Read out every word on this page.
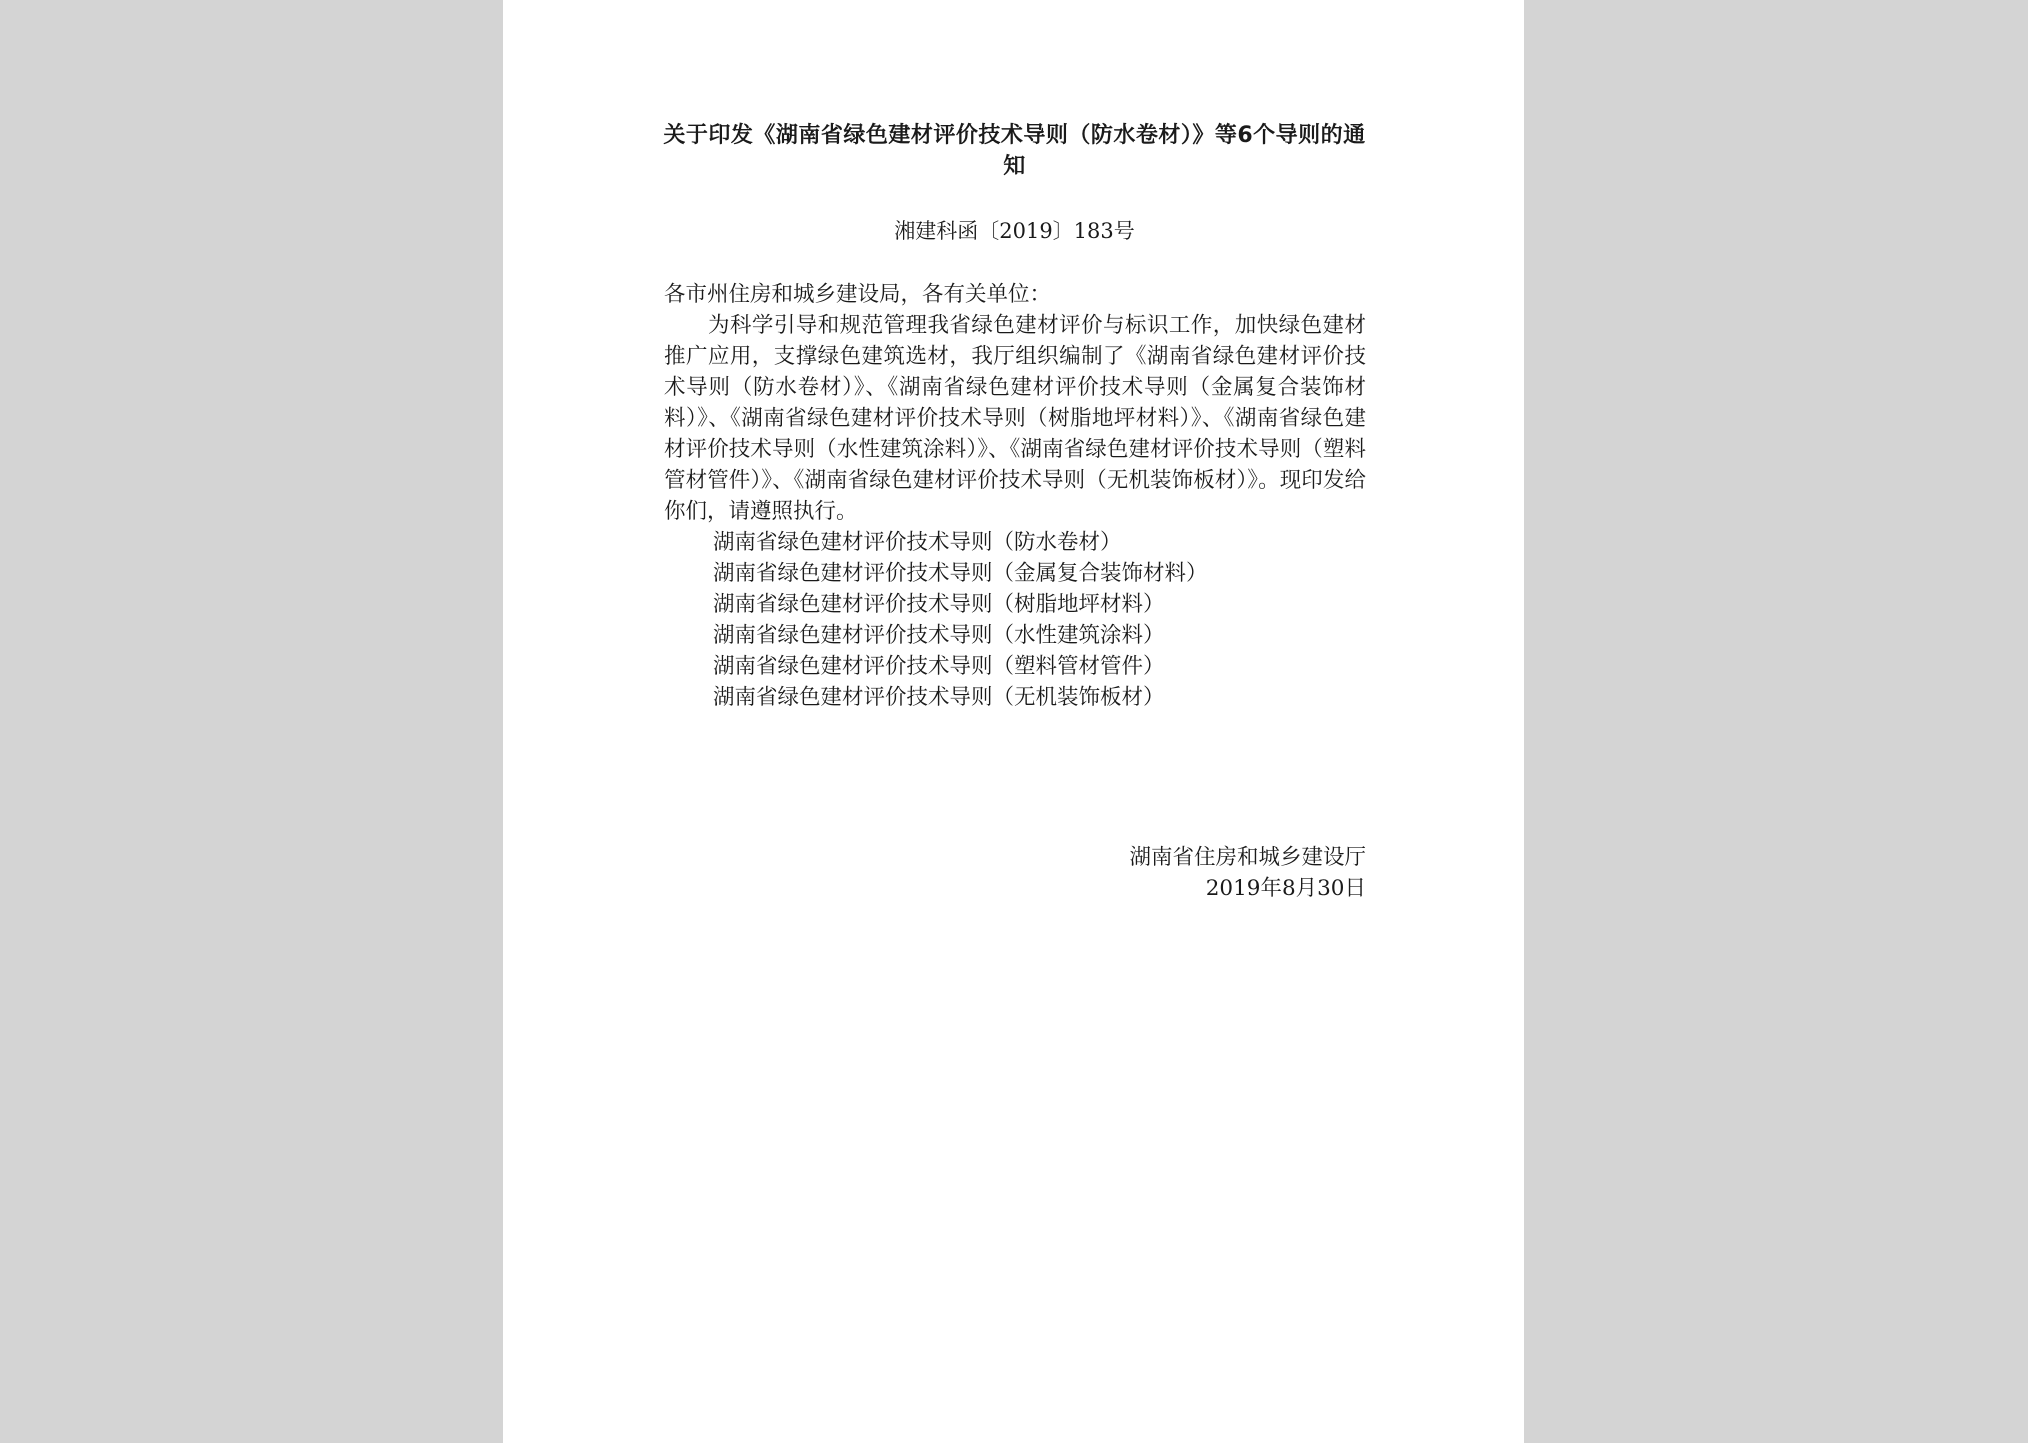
关于印发《湖南省绿色建材评价技术导则（防水卷材）》等6个导则的通知
湘建科函〔2019〕183号

各市州住房和城乡建设局，各有关单位：

为科学引导和规范管理我省绿色建材评价与标识工作，加快绿色建材推广应用，支撑绿色建筑选材，我厅组织编制了《湖南省绿色建材评价技术导则（防水卷材）》、《湖南省绿色建材评价技术导则（金属复合装饰材料）》、《湖南省绿色建材评价技术导则（树脂地坪材料）》、《湖南省绿色建材评价技术导则（水性建筑涂料）》、《湖南省绿色建材评价技术导则（塑料管材管件）》、《湖南省绿色建材评价技术导则（无机装饰板材）》。现印发给你们，请遵照执行。

湖南省绿色建材评价技术导则（防水卷材）
湖南省绿色建材评价技术导则（金属复合装饰材料）
湖南省绿色建材评价技术导则（树脂地坪材料）
湖南省绿色建材评价技术导则（水性建筑涂料）
湖南省绿色建材评价技术导则（塑料管材管件）
湖南省绿色建材评价技术导则（无机装饰板材）
湖南省住房和城乡建设厅
2019年8月30日
